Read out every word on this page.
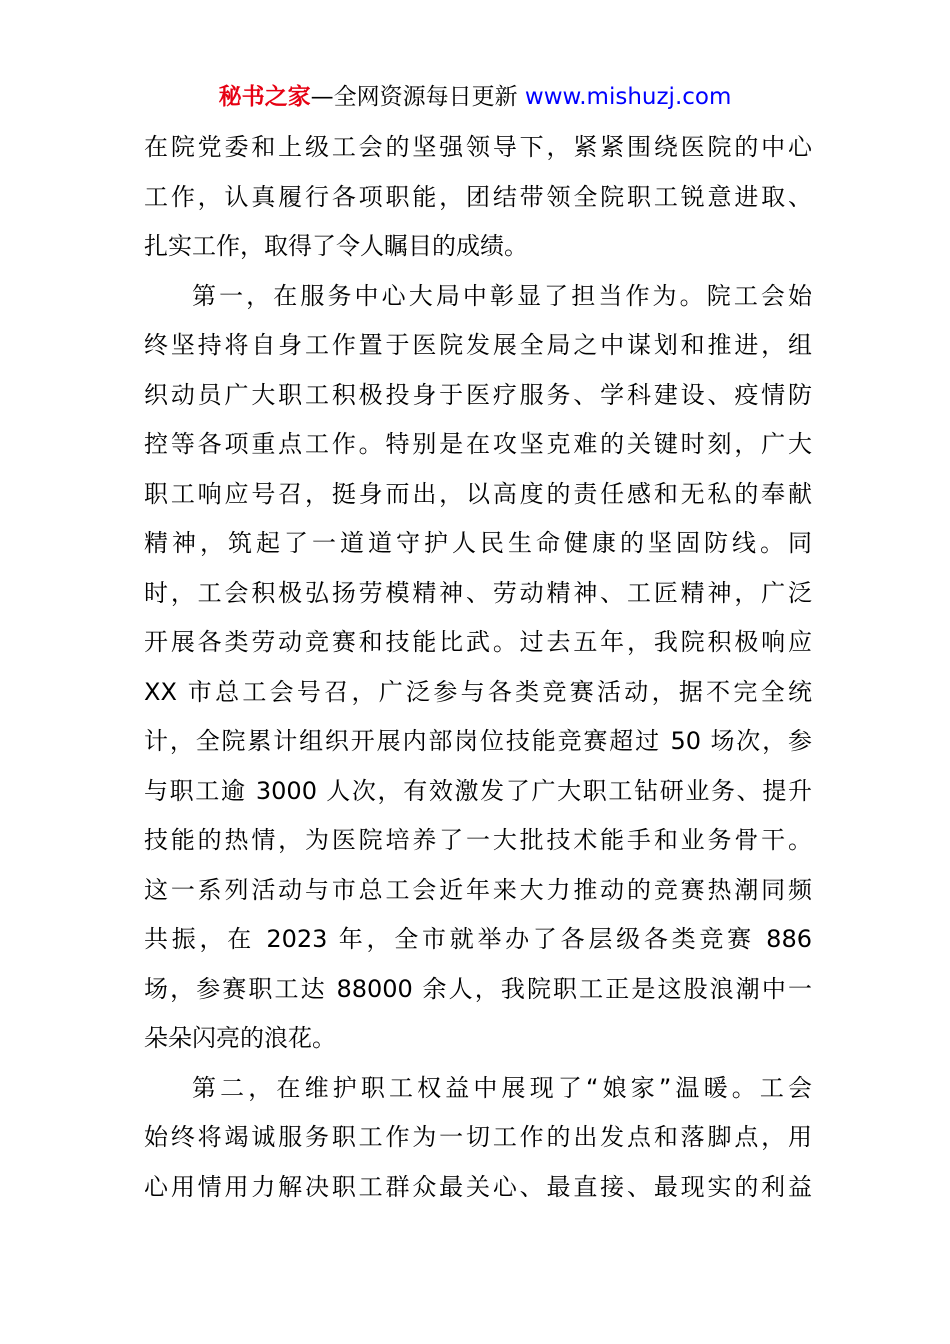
秘书之家—全网资源每日更新 www.mishuzj.com
在院党委和上级工会的坚强领导下，紧紧围绕医院的中心
工作，认真履行各项职能，团结带领全院职工锐意进取、
扎实工作，取得了令人瞩目的成绩。
第一，在服务中心大局中彰显了担当作为。院工会始
终坚持将自身工作置于医院发展全局之中谋划和推进，组
织动员广大职工积极投身于医疗服务、学科建设、疫情防
控等各项重点工作。特别是在攻坚克难的关键时刻，广大
职工响应号召，挺身而出，以高度的责任感和无私的奉献
精神，筑起了一道道守护人民生命健康的坚固防线。同
时，工会积极弘扬劳模精神、劳动精神、工匠精神，广泛
开展各类劳动竞赛和技能比武。过去五年，我院积极响应
XX 市总工会号召，广泛参与各类竞赛活动，据不完全统
计，全院累计组织开展内部岗位技能竞赛超过 50 场次，参
与职工逾 3000 人次，有效激发了广大职工钻研业务、提升
技能的热情，为医院培养了一大批技术能手和业务骨干。
这一系列活动与市总工会近年来大力推动的竞赛热潮同频
共振，在 2023 年，全市就举办了各层级各类竞赛 886
场，参赛职工达 88000 余人，我院职工正是这股浪潮中一
朵朵闪亮的浪花。
第二，在维护职工权益中展现了“娘家”温暖。工会
始终将竭诚服务职工作为一切工作的出发点和落脚点，用
心用情用力解决职工群众最关心、最直接、最现实的利益
